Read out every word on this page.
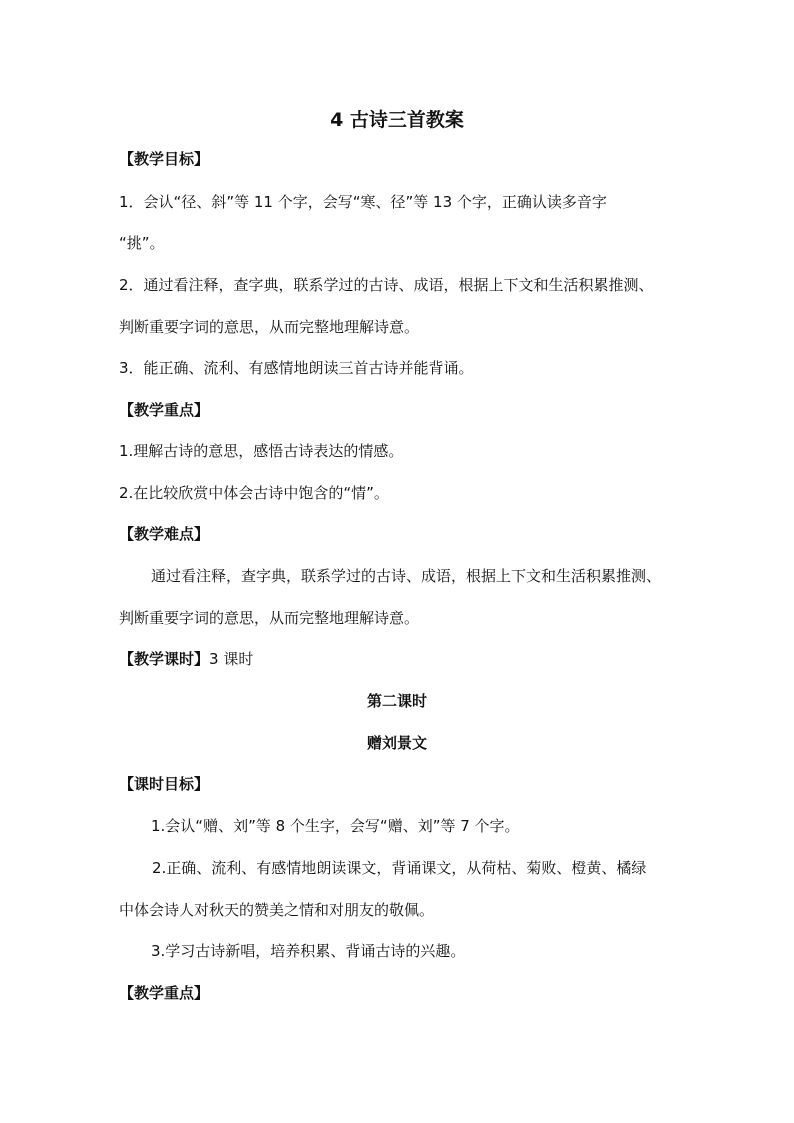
4 古诗三首教案
【教学目标】
1．会认“径、斜”等 11 个字，会写“寒、径”等 13 个字，正确认读多音字
“挑”。
2．通过看注释，查字典，联系学过的古诗、成语，根据上下文和生活积累推测、
判断重要字词的意思，从而完整地理解诗意。
3．能正确、流利、有感情地朗读三首古诗并能背诵。
【教学重点】
1.理解古诗的意思，感悟古诗表达的情感。
2.在比较欣赏中体会古诗中饱含的“情”。
【教学难点】
通过看注释，查字典，联系学过的古诗、成语，根据上下文和生活积累推测、
判断重要字词的意思，从而完整地理解诗意。
【教学课时】3 课时
第二课时
赠刘景文
【课时目标】
1.会认“赠、刘”等 8 个生字，会写“赠、刘”等 7 个字。
2.正确、流利、有感情地朗读课文，背诵课文，从荷枯、菊败、橙黄、橘绿
中体会诗人对秋天的赞美之情和对朋友的敬佩。
3.学习古诗新唱，培养积累、背诵古诗的兴趣。
【教学重点】
